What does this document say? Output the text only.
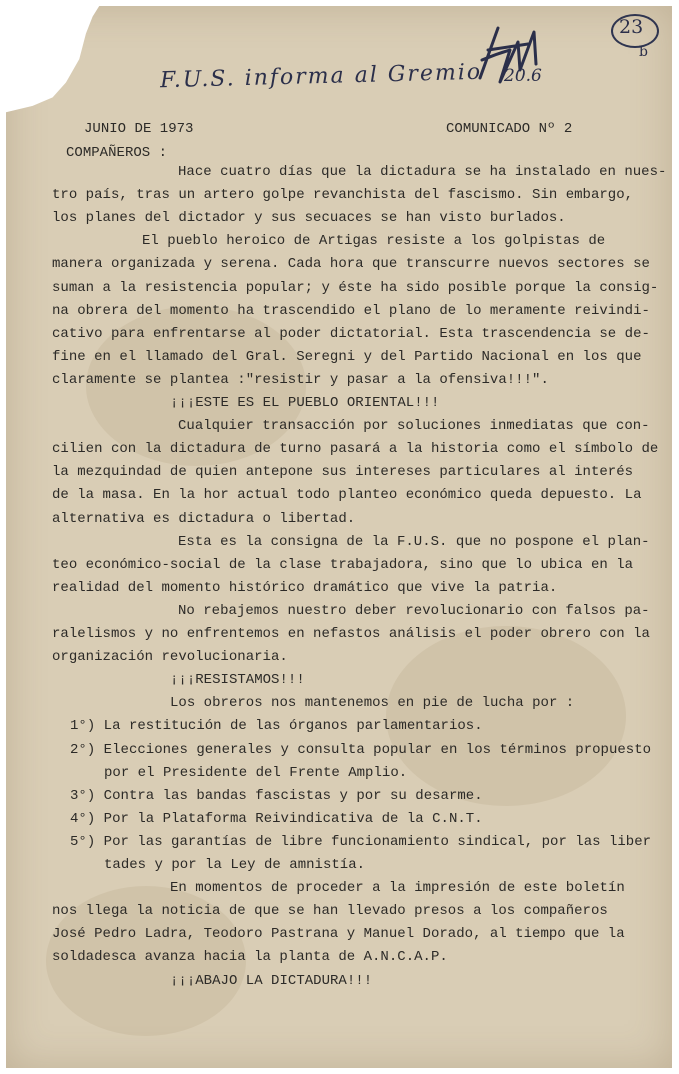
F.U.S. informa al Gremio 20.6
23
b
JUNIO DE 1973	COMUNICADO Nº 2
COMPAÑEROS :
Hace cuatro días que la dictadura se ha instalado en nues-
tro país, tras un artero golpe revanchista del fascismo. Sin embargo,
los planes del dictador y sus secuaces se han visto burlados.
El pueblo heroico de Artigas resiste a los golpistas de
manera organizada y serena. Cada hora que transcurre nuevos sectores se
suman a la resistencia popular; y éste ha sido posible porque la consig-
na obrera del momento ha trascendido el plano de lo meramente reivindi-
cativo para enfrentarse al poder dictatorial. Esta trascendencia se de-
fine en el llamado del Gral. Seregni y del Partido Nacional en los que
claramente se plantea :"resistir y pasar a la ofensiva!!!".
¡¡¡ESTE ES EL PUEBLO ORIENTAL!!!
Cualquier transacción por soluciones inmediatas que con-
cilien con la dictadura de turno pasará a la historia como el símbolo de
la mezquindad de quien antepone sus intereses particulares al interés
de la masa. En la hor actual todo planteo económico queda depuesto. La
alternativa es dictadura o libertad.
Esta es la consigna de la F.U.S. que no pospone el plan-
teo económico-social de la clase trabajadora, sino que lo ubica en la
realidad del momento histórico dramático que vive la patria.
No rebajemos nuestro deber revolucionario con falsos pa-
ralelismos y no enfrentemos en nefastos análisis el poder obrero con la
organización revolucionaria.
¡¡¡RESISTAMOS!!!
Los obreros nos mantenemos en pie de lucha por :
1°) La restitución de las órganos parlamentarios.
2°) Elecciones generales y consulta popular en los términos propuesto
por el Presidente del Frente Amplio.
3°) Contra las bandas fascistas y por su desarme.
4°) Por la Plataforma Reivindicativa de la C.N.T.
5°) Por las garantías de libre funcionamiento sindical, por las liber
tades y por la Ley de amnistía.
En momentos de proceder a la impresión de este boletín
nos llega la noticia de que se han llevado presos a los compañeros
José Pedro Ladra, Teodoro Pastrana y Manuel Dorado, al tiempo que la
soldadesca avanza hacia la planta de A.N.C.A.P.
¡¡¡ABAJO LA DICTADURA!!!
